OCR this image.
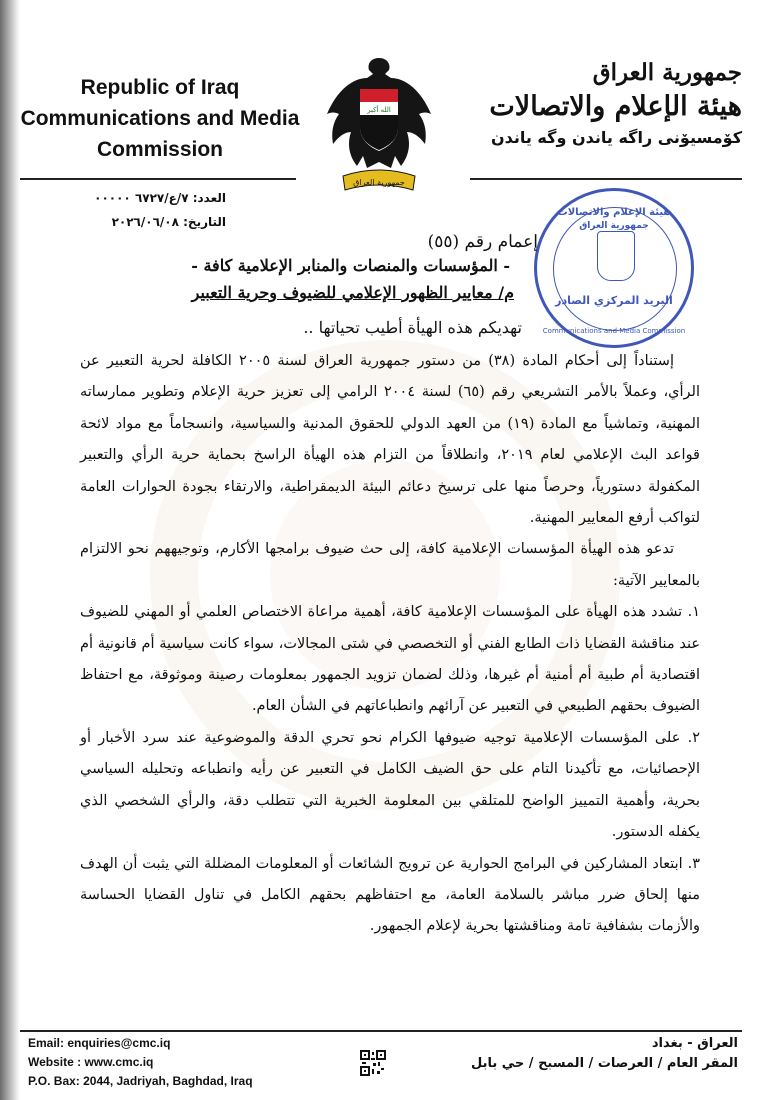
Republic of Iraq
Communications and Media
Commission
الله أكبر
جمهورية العراق
جمهورية العراق
هيئة الإعلام والاتصالات
كۆمسيۆنى راگه ياندن وگه ياندن
العدد: ٧/ع/٦٧٢٧ ٠٠٠٠٠
التاريخ: ٢٠٢٦/٠٦/٠٨
هيئة الإعلام والاتصالات
جمهورية العراق
البريد المركزي الصادر
Communications and Media Commission
إعمام رقم (٥٥)
- المؤسسات والمنصات والمنابر الإعلامية كافة -
م/ معايير الظهور الإعلامي للضيوف وحرية التعبير
تهديكم هذه الهيأة أطيب تحياتها ..

إستناداً إلى أحكام المادة (٣٨) من دستور جمهورية العراق لسنة ٢٠٠٥ الكافلة لحرية التعبير عن الرأي، وعملاً بالأمر التشريعي رقم (٦٥) لسنة ٢٠٠٤ الرامي إلى تعزيز حرية الإعلام وتطوير ممارساته المهنية، وتماشياً مع المادة (١٩) من العهد الدولي للحقوق المدنية والسياسية، وانسجاماً مع مواد لائحة قواعد البث الإعلامي لعام ٢٠١٩، وانطلاقاً من التزام هذه الهيأة الراسخ بحماية حرية الرأي والتعبير المكفولة دستورياً، وحرصاً منها على ترسيخ دعائم البيئة الديمقراطية، والارتقاء بجودة الحوارات العامة لتواكب أرفع المعايير المهنية.

تدعو هذه الهيأة المؤسسات الإعلامية كافة، إلى حث ضيوف برامجها الأكارم، وتوجيههم نحو الالتزام بالمعايير الآتية:

١. تشدد هذه الهيأة على المؤسسات الإعلامية كافة، أهمية مراعاة الاختصاص العلمي أو المهني للضيوف عند مناقشة القضايا ذات الطابع الفني أو التخصصي في شتى المجالات، سواء كانت سياسية أم قانونية أم اقتصادية أم طبية أم أمنية أم غيرها، وذلك لضمان تزويد الجمهور بمعلومات رصينة وموثوقة، مع احتفاظ الضيوف بحقهم الطبيعي في التعبير عن آرائهم وانطباعاتهم في الشأن العام.

٢. على المؤسسات الإعلامية توجيه ضيوفها الكرام نحو تحري الدقة والموضوعية عند سرد الأخبار أو الإحصائيات، مع تأكيدنا التام على حق الضيف الكامل في التعبير عن رأيه وانطباعه وتحليله السياسي بحرية، وأهمية التمييز الواضح للمتلقي بين المعلومة الخبرية التي تتطلب دقة، والرأي الشخصي الذي يكفله الدستور.

٣. ابتعاد المشاركين في البرامج الحوارية عن ترويج الشائعات أو المعلومات المضللة التي يثبت أن الهدف منها إلحاق ضرر مباشر بالسلامة العامة، مع احتفاظهم بحقهم الكامل في تناول القضايا الحساسة والأزمات بشفافية تامة ومناقشتها بحرية لإعلام الجمهور.

Email: enquiries@cmc.iq
Website : www.cmc.iq
P.O. Bax: 2044, Jadriyah, Baghdad, Iraq
العراق - بغداد
المقر العام / العرصات / المسبح / حي بابل
